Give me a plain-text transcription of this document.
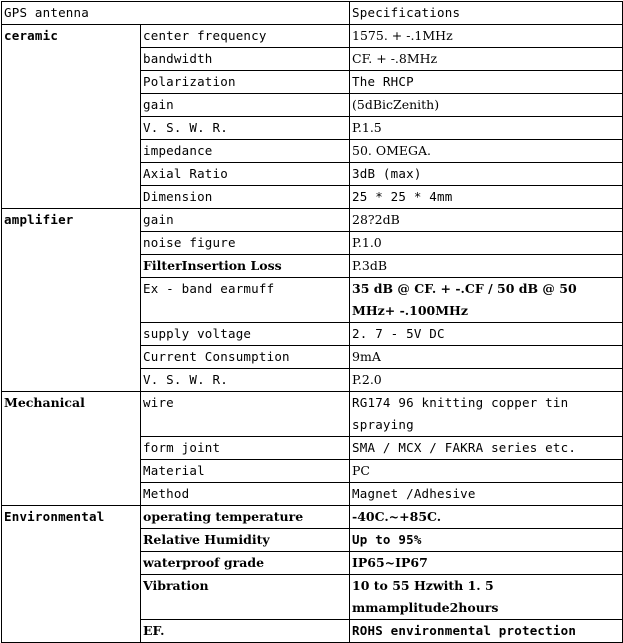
GPS antenna		Specifications
ceramic	center frequency	1575. + -.1MHz
	bandwidth	CF. + -.8MHz
	Polarization	The RHCP
	gain	(5dBicZenith)
	V. S. W. R.	P.1.5
	impedance	50. OMEGA.
	Axial Ratio	3dB (max)
	Dimension	25 * 25 * 4mm
amplifier	gain	28?2dB
	noise figure	P.1.0
	FilterInsertion Loss	P.3dB
	Ex - band earmuff	35 dB @ CF. + -.CF / 50 dB @ 50 MHz+ -.100MHz
	supply voltage	2. 7 - 5V DC
	Current Consumption	9mA
	V. S. W. R.	P.2.0
Mechanical	wire	RG174 96 knitting copper tin spraying
	form joint	SMA / MCX / FAKRA series etc.
	Material	PC
	Method	Magnet /Adhesive
Environmental	operating temperature	-40C.~+85C.
	Relative Humidity	Up to 95%
	waterproof grade	IP65~IP67
	Vibration	10 to 55 Hzwith 1. 5 mmamplitude2hours
	EF.	ROHS environmental protection
